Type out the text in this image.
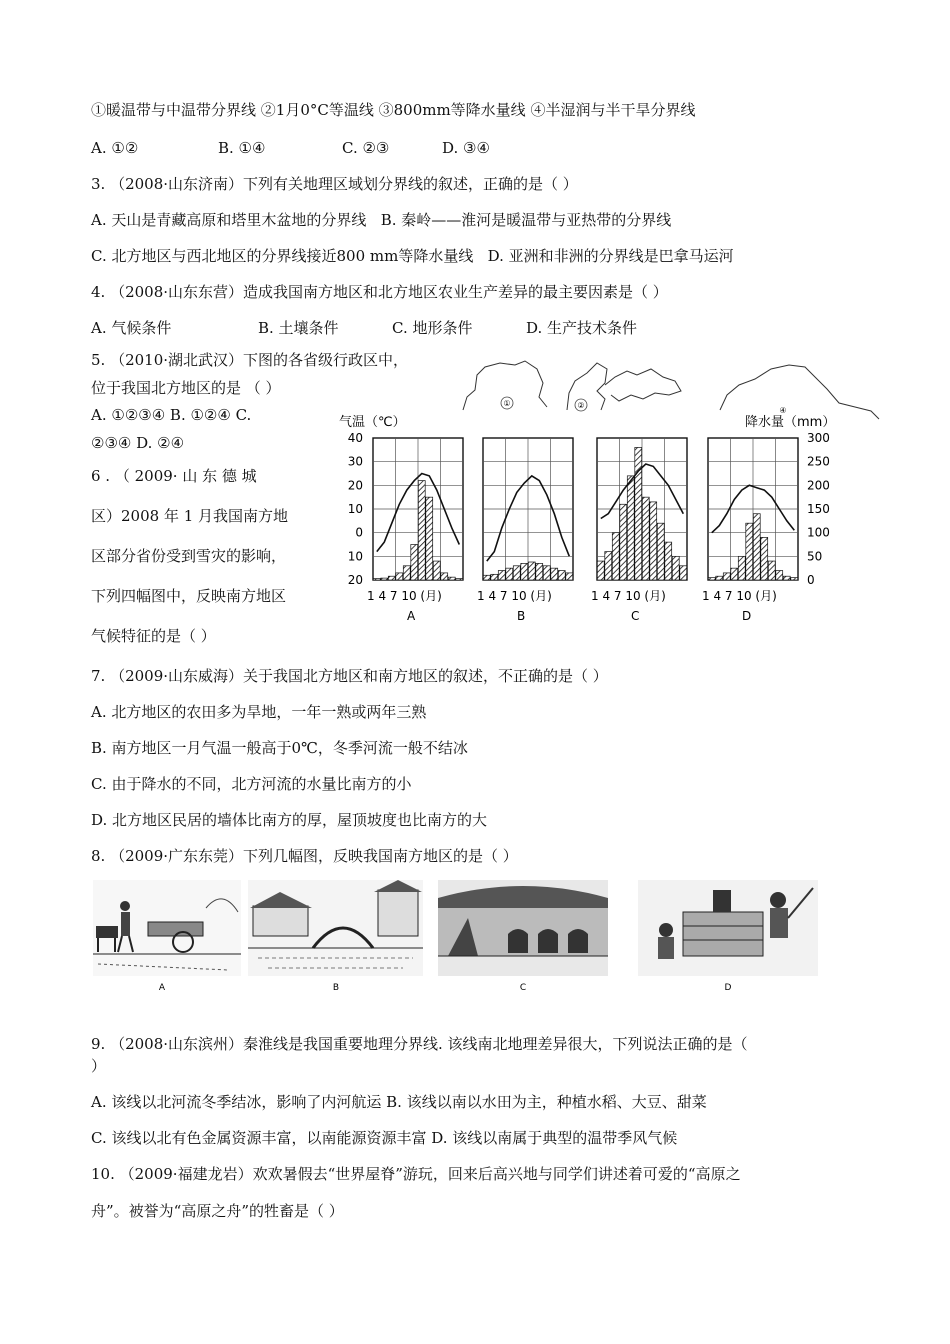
①暖温带与中温带分界线 ②1月0°C等温线 ③800mm等降水量线 ④半湿润与半干旱分界线
A. ①②	B. ①④	C. ②③	D. ③④
3. （2008·山东济南）下列有关地理区域划分界线的叙述，正确的是（ ）
A. 天山是青藏高原和塔里木盆地的分界线 B. 秦岭——淮河是暖温带与亚热带的分界线
C. 北方地区与西北地区的分界线接近800 mm等降水量线 D. 亚洲和非洲的分界线是巴拿马运河
4. （2008·山东东营）造成我国南方地区和北方地区农业生产差异的最主要因素是（ ）
A. 气候条件	B. 土壤条件	C. 地形条件	D. 生产技术条件
5. （2010·湖北武汉）下图的各省级行政区中，
位于我国北方地区的是 （ ）
A. ①②③④ B. ①②④ C.
②③④ D. ②④
6 . （ 2009· 山 东 德 城
区）2008 年 1 月我国南方地
区部分省份受到雪灾的影响，
下列四幅图中，反映南方地区
气候特征的是（ ）
①	②
④
气温（℃）	降水量（mm）
40
30
20
10
0
10
20
300
250
200
150
100
50
0
1 4 7 10 (月)
A
1 4 7 10 (月)
B
1 4 7 10 (月)
C
1 4 7 10 (月)
D
7. （2009·山东威海）关于我国北方地区和南方地区的叙述，不正确的是（ ）
A. 北方地区的农田多为旱地，一年一熟或两年三熟
B. 南方地区一月气温一般高于0℃，冬季河流一般不结冰
C. 由于降水的不同，北方河流的水量比南方的小
D. 北方地区民居的墙体比南方的厚，屋顶坡度也比南方的大
8. （2009·广东东莞）下列几幅图，反映我国南方地区的是（ ）
A	B	C	D
9. （2008·山东滨州）秦淮线是我国重要地理分界线. 该线南北地理差异很大，下列说法正确的是（
）
A. 该线以北河流冬季结冰，影响了内河航运 B. 该线以南以水田为主，种植水稻、大豆、甜菜
C. 该线以北有色金属资源丰富，以南能源资源丰富 D. 该线以南属于典型的温带季风气候
10. （2009·福建龙岩）欢欢暑假去“世界屋脊”游玩，回来后高兴地与同学们讲述着可爱的“高原之
舟”。被誉为“高原之舟”的牲畜是（ ）
